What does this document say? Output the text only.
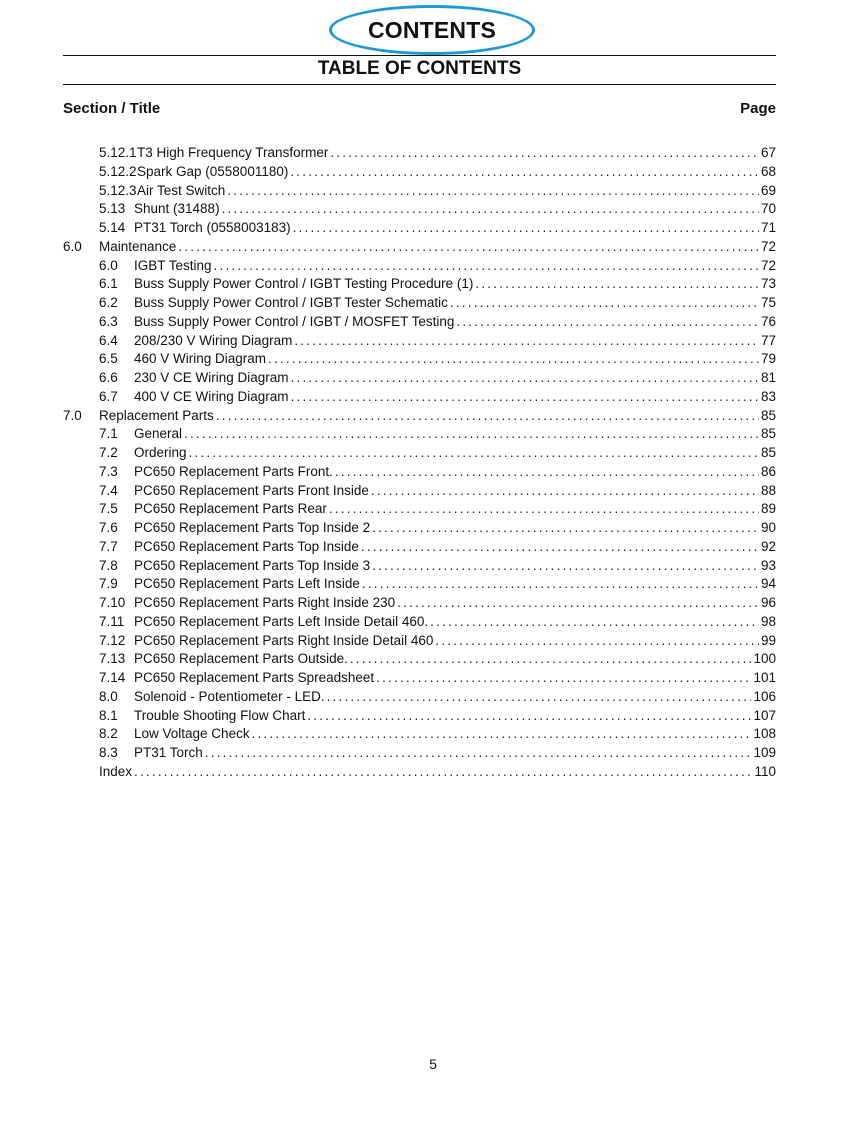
CONTENTS
TABLE OF CONTENTS
Section / Title	Page
5.12.1 T3 High Frequency Transformer .....	67
5.12.2 Spark Gap (0558001180) .....	68
5.12.3 Air Test Switch .....	69
5.13 Shunt (31488) .....	70
5.14 PT31 Torch (0558003183) .....	71
6.0 Maintenance .....	72
6.0 IGBT Testing .....	72
6.1 Buss Supply Power Control / IGBT Testing Procedure (1) .....	73
6.2 Buss Supply Power Control / IGBT Tester Schematic .....	75
6.3 Buss Supply Power Control / IGBT / MOSFET Testing .....	76
6.4 208/230 V Wiring Diagram .....	77
6.5 460 V Wiring Diagram .....	79
6.6 230 V CE Wiring Diagram .....	81
6.7 400 V CE Wiring Diagram .....	83
7.0 Replacement Parts .....	85
7.1 General .....	85
7.2 Ordering .....	85
7.3 PC650 Replacement Parts Front. .....	86
7.4 PC650 Replacement Parts Front Inside .....	88
7.5 PC650 Replacement Parts Rear .....	89
7.6 PC650 Replacement Parts Top Inside 2 .....	90
7.7 PC650 Replacement Parts Top Inside .....	92
7.8 PC650 Replacement Parts Top Inside 3 .....	93
7.9 PC650 Replacement Parts Left Inside .....	94
7.10 PC650 Replacement Parts Right Inside 230 .....	96
7.11 PC650 Replacement Parts Left Inside Detail 460. .....	98
7.12 PC650 Replacement Parts Right Inside Detail 460 .....	99
7.13 PC650 Replacement Parts Outside. .....	100
7.14 PC650 Replacement Parts Spreadsheet .....	101
8.0 Solenoid - Potentiometer - LED. .....	106
8.1 Trouble Shooting Flow Chart .....	107
8.2 Low Voltage Check .....	108
8.3 PT31 Torch .....	109
Index .....	110
5
